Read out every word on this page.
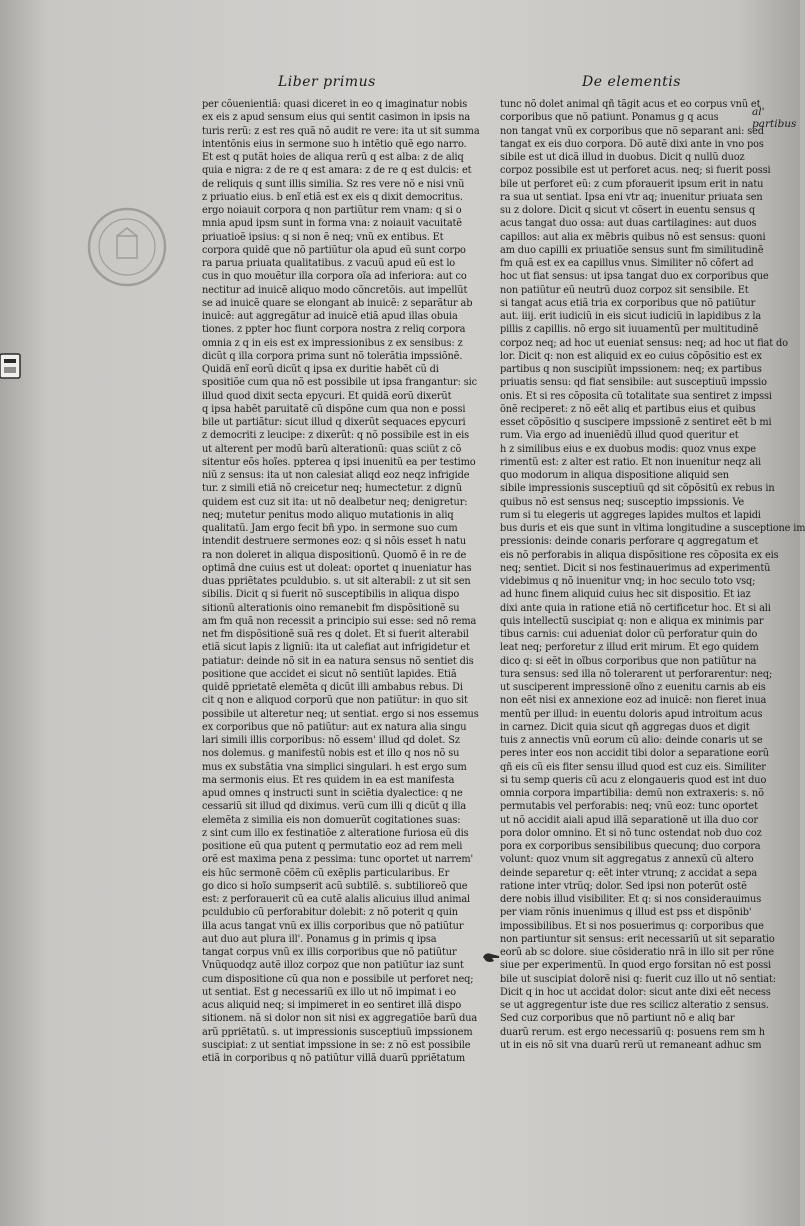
Liber primus	De elementis
al' partibus
per cõuenientiã: quasi diceret in eo q imaginatur nobis
ex eis z apud sensum eius qui sentit casimon in ipsis na
turis rerũ: z est res quã nõ audit re vere: ita ut sit summa
intentõnis eius in sermone suo h intẽtio quẽ ego narro.
Et est q putãt hoies de aliqua rerũ q est alba: z de aliq
quia e nigra: z de re q est amara: z de re q est dulcis: et
de reliquis q sunt illis similia. Sz res vere nõ e nisi vnũ
z priuatio eius. b enĩ etiã est ex eis q dixit democritus.
ergo noiauit corpora q non partiũtur rem vnam: q si o
mnia apud ipsm sunt in forma vna: z noiauit vacuitatẽ
priuatioẽ ipsius: q si non ẽ neq; vnũ ex entibus. Et
corpora quidẽ que nõ partiũtur ola apud eũ sunt corpo
ra parua priuata qualitatibus. z vacuũ apud eũ est lo
cus in quo mouẽtur illa corpora oĩa ad inferiora: aut co
nectitur ad inuicẽ aliquo modo cõncretõis. aut impellũt
se ad inuicẽ quare se elongant ab inuicẽ: z separãtur ab
inuicẽ: aut aggregãtur ad inuicẽ etiã apud illas obuia
tiones. z ppter hoc fiunt corpora nostra z reliq corpora
omnia z q in eis est ex impressionibus z ex sensibus: z
dicũt q illa corpora prima sunt nõ tolerãtia impssiõnẽ.
Quidã enĩ eorũ dicũt q ipsa ex duritie habẽt cũ di
spositiõe cum qua nõ est possibile ut ipsa frangantur: sic
illud quod dixit secta epycuri. Et quidã eorũ dixerũt
q ipsa habẽt paruitatẽ cũ dispõne cum qua non e possi
bile ut partiãtur: sicut illud q dixerũt sequaces epycuri
z democriti z leucipe: z dixerũt: q nõ possibile est in eis
ut alterent per modũ barũ alterationũ: quas sciũt z cõ
sitentur eõs hoĩes. ppterea q ipsi inuenitũ ea per testimo
niũ z sensus: ita ut non calesiat aliqd eoz neqz infrigide
tur. z simili etiã nõ creicetur neq; humectetur. z dignũ
quidem est cuz sit ita: ut nõ dealbetur neq; denigretur:
neq; mutetur penitus modo aliquo mutationis in aliq
qualitatũ. Jam ergo fecit bñ ypo. in sermone suo cum
intendit destruere sermones eoz: q si nõis esset h natu
ra non doleret in aliqua dispositionũ. Quomõ ẽ in re de
optimã dne cuius est ut doleat: oportet q inueniatur has
duas ppriẽtates pculdubio. s. ut sit alterabil: z ut sit sen
sibilis. Dicit q si fuerit nõ susceptibilis in aliqua dispo
sitionũ alterationis oino remanebit fm dispõsitionẽ su
am fm quã non recessit a principio sui esse: sed nõ rema
net fm dispõsitionẽ suã res q dolet. Et si fuerit alterabil
etiã sicut lapis z ligniũ: ita ut calefiat aut infrigidetur et
patiatur: deinde nõ sit in ea natura sensus nõ sentiet dis
positione que accidet ei sicut nõ sentiũt lapides. Etiã
quidẽ pprietatẽ elemẽta q dicũt illi ambabus rebus. Di
cit q non e aliquod corporũ que non patiũtur: in quo sit
possibile ut alteretur neq; ut sentiat. ergo si nos essemus
ex corporibus que nõ patiũtur: aut ex natura alia singu
lari simili illis corporibus: nõ essem' illud qd dolet. Sz
nos dolemus. g manifestũ nobis est et illo q nos nõ su
mus ex substãtia vna simplici singulari. h est ergo sum
ma sermonis eius. Et res quidem in ea est manifesta
apud omnes q instructi sunt in sciẽtia dyalectice: q ne
cessariũ sit illud qd diximus. verũ cum illi q dicũt q illa
elemẽta z similia eis non domuerũt cogitationes suas:
z sint cum illo ex festinatiõe z alteratione furiosa eũ dis
positione eũ qua putent q permutatio eoz ad rem meli
orẽ est maxima pena z pessima: tunc oportet ut narrem'
eis hũc sermonẽ cõẽm cũ exẽplis particularibus. Er
go dico si hoĩo sumpserit acũ subtilẽ. s. subtilioreõ que
est: z perforauerit cũ ea cutẽ alalis alicuius illud animal
pculdubio cũ perforabitur dolebit: z nõ poterit q quin
illa acus tangat vnũ ex illis corporibus que nõ patiũtur
aut duo aut plura ill'. Ponamus g in primis q ipsa
tangat corpus vnũ ex illis corporibus que nõ patiũtur
Vnũquodqz autẽ illoz corpoz que non patiũtur iaz sunt
cum dispositione cũ qua non e possibile ut perforet neq;
ut sentiat. Est g necessariũ ex illo ut nõ impimat i eo
acus aliquid neq; si impimeret in eo sentiret illã dispo
sitionem. nã si dolor non sit nisi ex aggregatiõe barũ dua
arũ ppriẽtatũ. s. ut impressionis susceptiuũ impssionem
suscipiat: z ut sentiat impssione in se: z nõ est possibile
etiã in corporibus q nõ patiũtur villã duarũ ppriẽtatum
tunc nõ dolet animal qñ tãgit acus et eo corpus vnũ et
corporibus que nõ patiunt. Ponamus g q acus
non tangat vnũ ex corporibus que nõ separant ani: sed
tangat ex eis duo corpora. Dõ autẽ dixi ante in vno pos
sibile est ut dicã illud in duobus. Dicit q nullũ duoz
corpoz possibile est ut perforet acus. neq; si fuerit possi
bile ut perforet eũ: z cum pforauerit ipsum erit in natu
ra sua ut sentiat. Ipsa eni vtr aq; inuenitur priuata sen
su z dolore. Dicit q sicut vt cõsert in euentu sensus q
acus tangat duo ossa: aut duas cartilagines: aut duos
capillos: aut alia ex mẽbris quibus nõ est sensus: quoni
am duo capilli ex priuatiõe sensus sunt fm similitudinẽ
fm quã est ex ea capillus vnus. Similiter nõ cõfert ad
hoc ut fiat sensus: ut ipsa tangat duo ex corporibus que
non patiũtur eũ neutrũ duoz corpoz sit sensibile. Et
si tangat acus etiã tria ex corporibus que nõ patiũtur
aut. iiij. erit iudiciũ in eis sicut iudiciũ in lapidibus z la
pillis z capillis. nõ ergo sit iuuamentũ per multitudinẽ
corpoz neq; ad hoc ut eueniat sensus: neq; ad hoc ut fiat do
lor. Dicit q: non est aliquid ex eo cuius cõpõsitio est ex
partibus q non suscipiũt impssionem: neq; ex partibus
priuatis sensu: qd fiat sensibile: aut susceptiuũ impssio
onis. Et si res cõposita cũ totalitate sua sentiret z impssi
õnẽ reciperet: z nõ eẽt aliq et partibus eius et quibus
esset cõpõsitio q suscipere impssionẽ z sentiret eẽt b mi
rum. Via ergo ad inueniẽdũ illud quod queritur et
h z similibus eius e ex duobus modis: quoz vnus expe
rimentũ est: z alter est ratio. Et non inuenitur neqz ali
quo modorum in aliqua dispositione aliquid sen
sibile impressionis susceptiuũ qd sit cõpõsitũ ex rebus in
quibus nõ est sensus neq; susceptio impssionis. Ve
rum si tu elegeris ut aggreges lapides multos et lapidi
bus duris et eis que sunt in vltima longitudine a susceptione im
pressionis: deinde conaris perforare q aggregatum et
eis nõ perforabis in aliqua dispõsitione res cõposita ex eis
neq; sentiet. Dicit si nos festinauerimus ad experimentũ
videbimus q nõ inuenitur vnq; in hoc seculo toto vsq;
ad hunc finem aliquid cuius hec sit dispositio. Et iaz
dixi ante quia in ratione etiã nõ certificetur hoc. Et si ali
quis intellectũ suscipiat q: non e aliqua ex minimis par
tibus carnis: cui adueniat dolor cũ perforatur quin do
leat neq; perforetur z illud erit mirum. Et ego quidem
dico q: si eẽt in oĩbus corporibus que non patiũtur na
tura sensus: sed illa nõ tolerarent ut perforarentur: neq;
ut susciperent impressionẽ oĩno z euenitu carnis ab eis
non eẽt nisi ex annexione eoz ad inuicẽ: non fieret inua
mentũ per illud: in euentu doloris apud introitum acus
in carnez. Dicit quia sicut qñ aggregas duos et digit
tuis z annectis vnũ eorum cũ alio: deinde conaris ut se
peres inter eos non accidit tibi dolor a separatione eorũ
qñ eis cũ eis fiter sensu illud quod est cuz eis. Similiter
si tu semp queris cũ acu z elongaueris quod est int duo
omnia corpora impartibilia: demũ non extraxeris: s. nõ
permutabis vel perforabis: neq; vnũ eoz: tunc oportet
ut nõ accidit aiali apud illã separationẽ ut illa duo cor
pora dolor omnino. Et si nõ tunc ostendat nob duo coz
pora ex corporibus sensibilibus quecunq; duo corpora
volunt: quoz vnum sit aggregatus z annexũ cũ altero
deinde separetur q: eẽt inter vtrunq; z accidat a sepa
ratione inter vtrũq; dolor. Sed ipsi non poterũt ostẽ
dere nobis illud visibiliter. Et q: si nos considerauimus
per viam rõnis inuenimus q illud est pss et dispõnib'
impossibilibus. Et si nos posuerimus q: corporibus que
non partiuntur sit sensus: erit necessariũ ut sit separatio
eorũ ab sc dolore. siue cõsideratio nrã in illo sit per rõne
siue per experimentũ. In quod ergo forsitan nõ est possi
bile ut suscipiat dolorẽ nisi q: fuerit cuz illo ut nõ sentiat:
Dicit q in hoc ut accidat dolor: sicut ante dixi eẽt necess
se ut aggregentur iste due res scilicz alteratio z sensus.
Sed cuz corporibus que nõ partiunt nõ e aliq bar
duarũ rerum. est ergo necessariũ q: posuens rem sm h
ut in eis nõ sit vna duarũ rerũ ut remaneant adhuc sm
